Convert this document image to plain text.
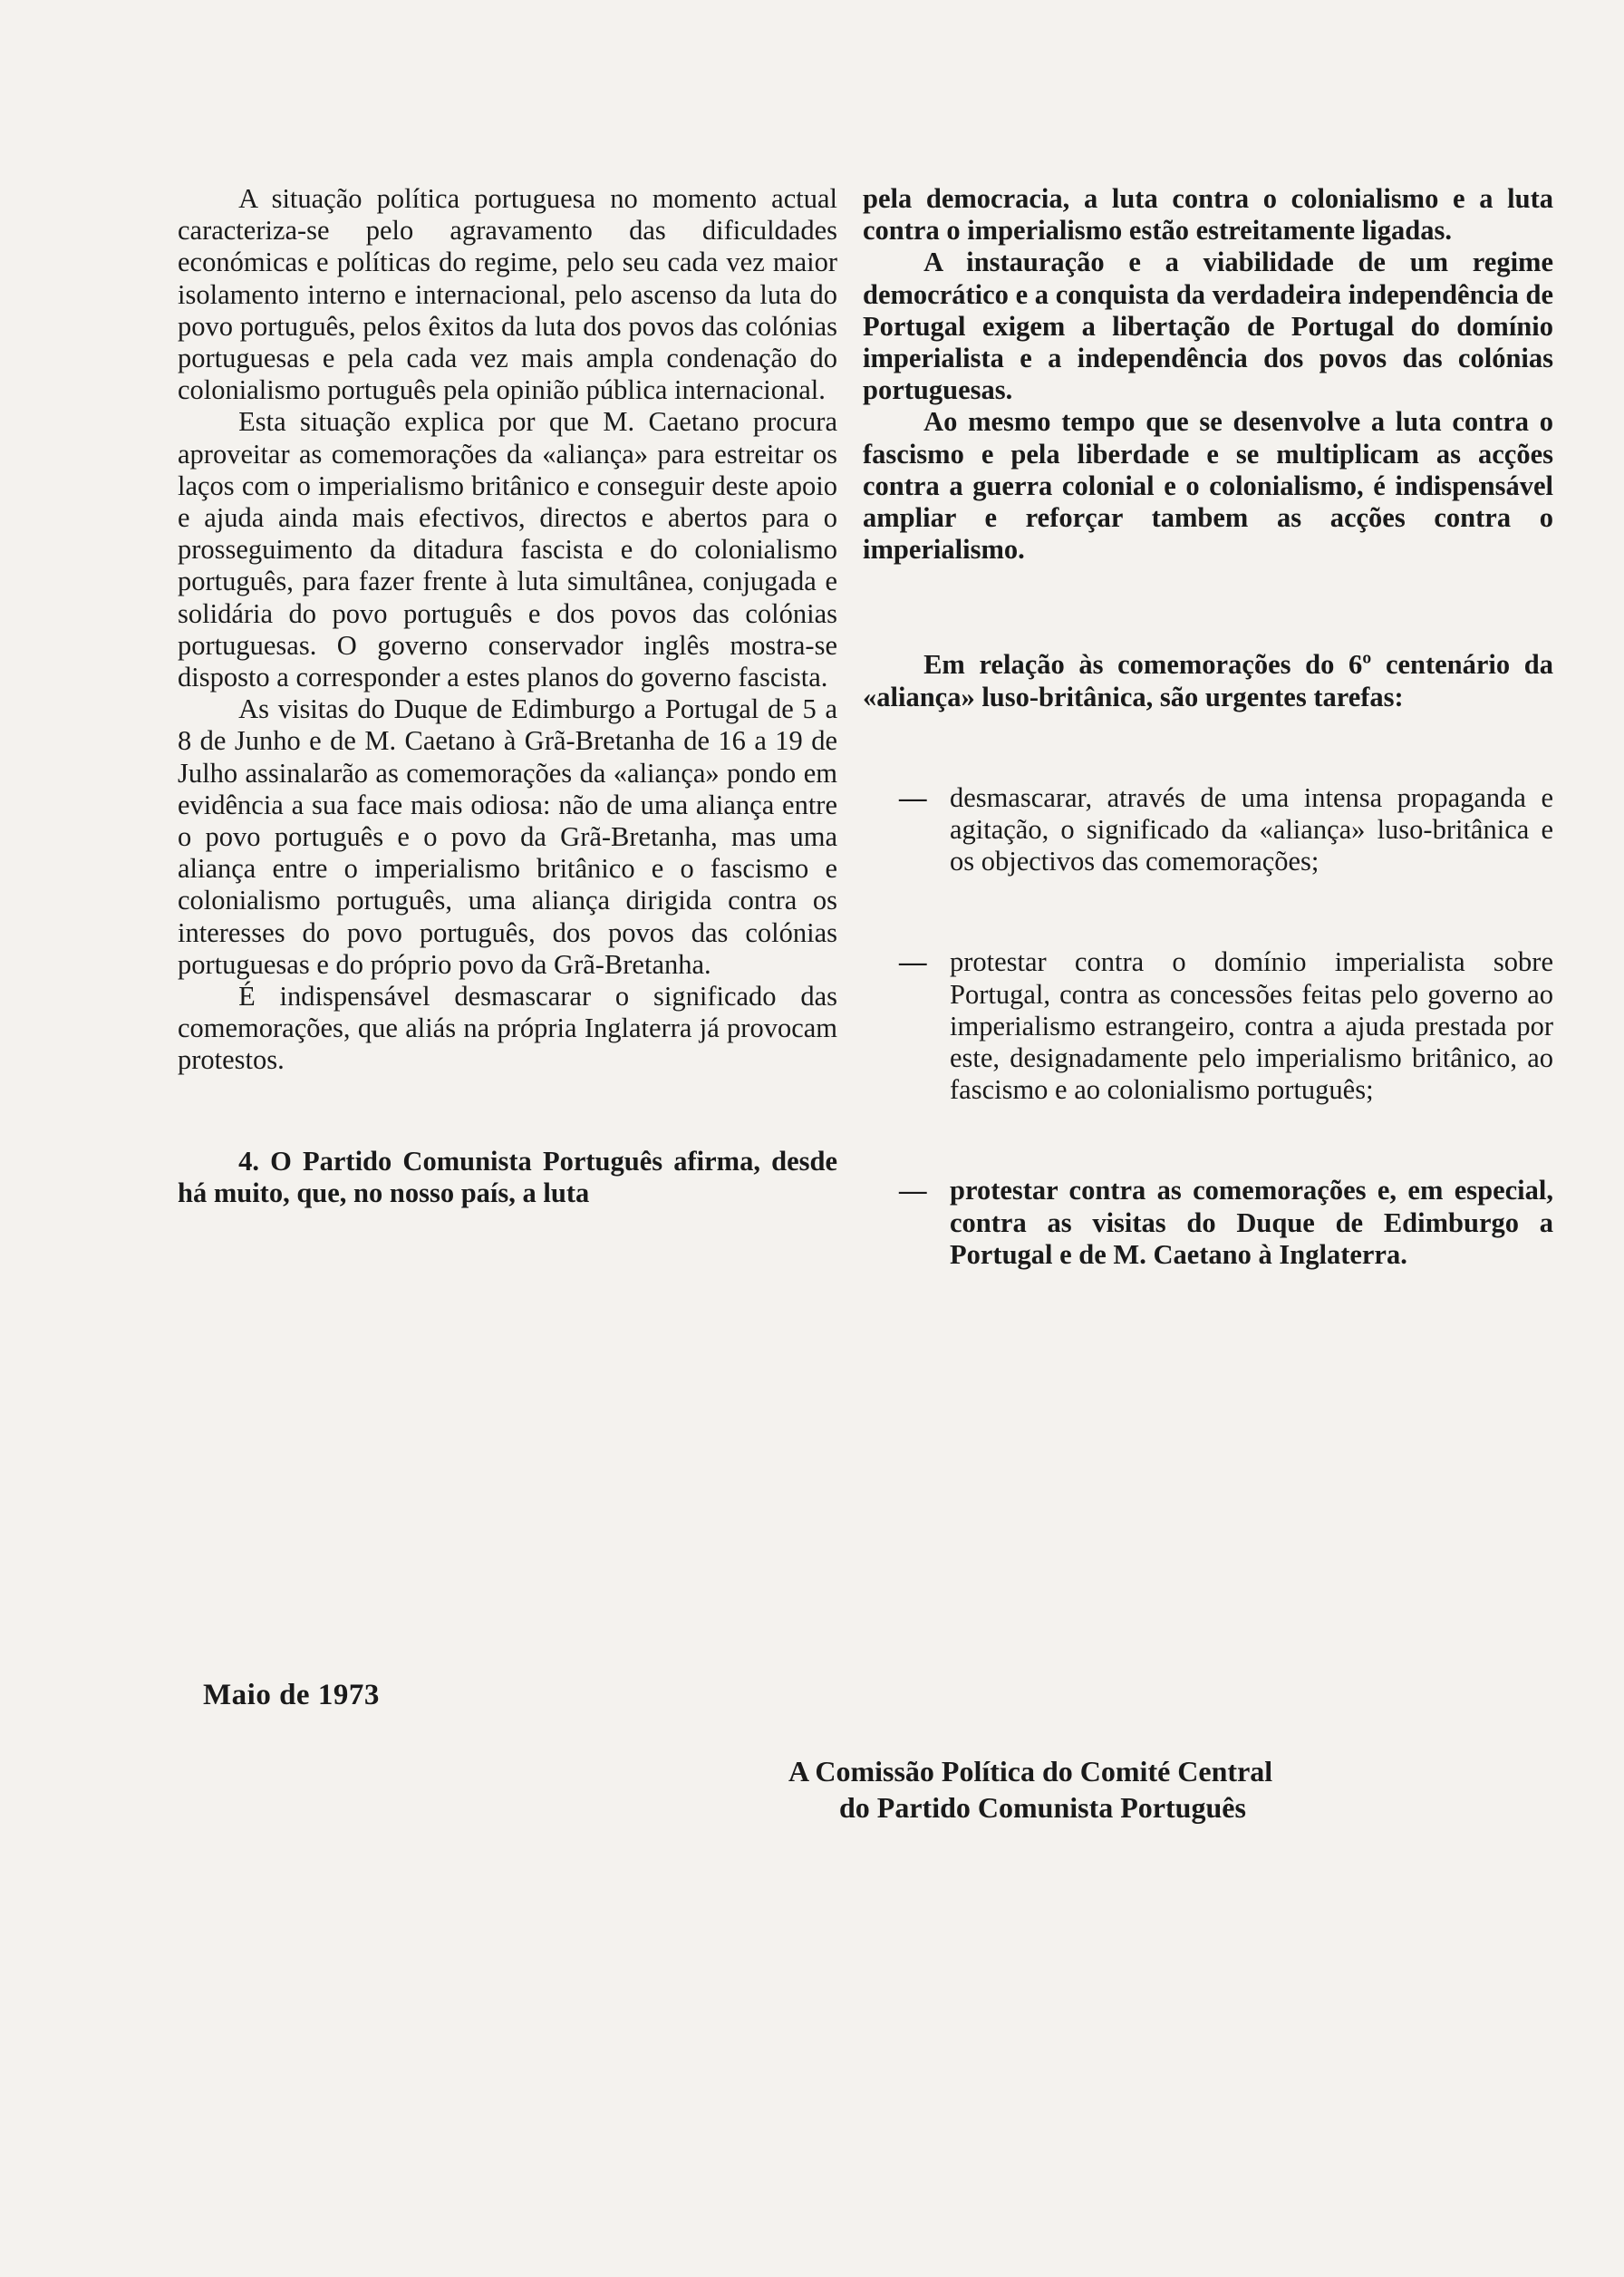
A situação política portuguesa no momento actual caracteriza-se pelo agravamento das dificuldades económicas e políticas do regime, pelo seu cada vez maior isolamento interno e internacional, pelo ascenso da luta do povo português, pelos êxitos da luta dos povos das colónias portuguesas e pela cada vez mais ampla condenação do colonialismo português pela opinião pública internacional.

Esta situação explica por que M. Caetano procura aproveitar as comemorações da «aliança» para estreitar os laços com o imperialismo britânico e conseguir deste apoio e ajuda ainda mais efectivos, directos e abertos para o prosseguimento da ditadura fascista e do colonialismo português, para fazer frente à luta simultânea, conjugada e solidária do povo português e dos povos das colónias portuguesas. O governo conservador inglês mostra-se disposto a corresponder a estes planos do governo fascista.

As visitas do Duque de Edimburgo a Portugal de 5 a 8 de Junho e de M. Caetano à Grã-Bretanha de 16 a 19 de Julho assinalarão as comemorações da «aliança» pondo em evidência a sua face mais odiosa: não de uma aliança entre o povo português e o povo da Grã-Bretanha, mas uma aliança entre o imperialismo britânico e o fascismo e colonialismo português, uma aliança dirigida contra os interesses do povo português, dos povos das colónias portuguesas e do próprio povo da Grã-Bretanha.

É indispensável desmascarar o significado das comemorações, que aliás na própria Inglaterra já provocam protestos.

4. O Partido Comunista Português afirma, desde há muito, que, no nosso país, a luta

pela democracia, a luta contra o colonialismo e a luta contra o imperialismo estão estreitamente ligadas.

A instauração e a viabilidade de um regime democrático e a conquista da verdadeira independência de Portugal exigem a libertação de Portugal do domínio imperialista e a independência dos povos das colónias portuguesas.

Ao mesmo tempo que se desenvolve a luta contra o fascismo e pela liberdade e se multiplicam as acções contra a guerra colonial e o colonialismo, é indispensável ampliar e reforçar tambem as acções contra o imperialismo.

Em relação às comemorações do 6º centenário da «aliança» luso-britânica, são urgentes tarefas:

— desmascarar, através de uma intensa propaganda e agitação, o significado da «aliança» luso-britânica e os objectivos das comemorações;
— protestar contra o domínio imperialista sobre Portugal, contra as concessões feitas pelo governo ao imperialismo estrangeiro, contra a ajuda prestada por este, designadamente pelo imperialismo britânico, ao fascismo e ao colonialismo português;
— protestar contra as comemorações e, em especial, contra as visitas do Duque de Edimburgo a Portugal e de M. Caetano à Inglaterra.
Maio de 1973
A Comissão Política do Comité Central
do Partido Comunista Português
